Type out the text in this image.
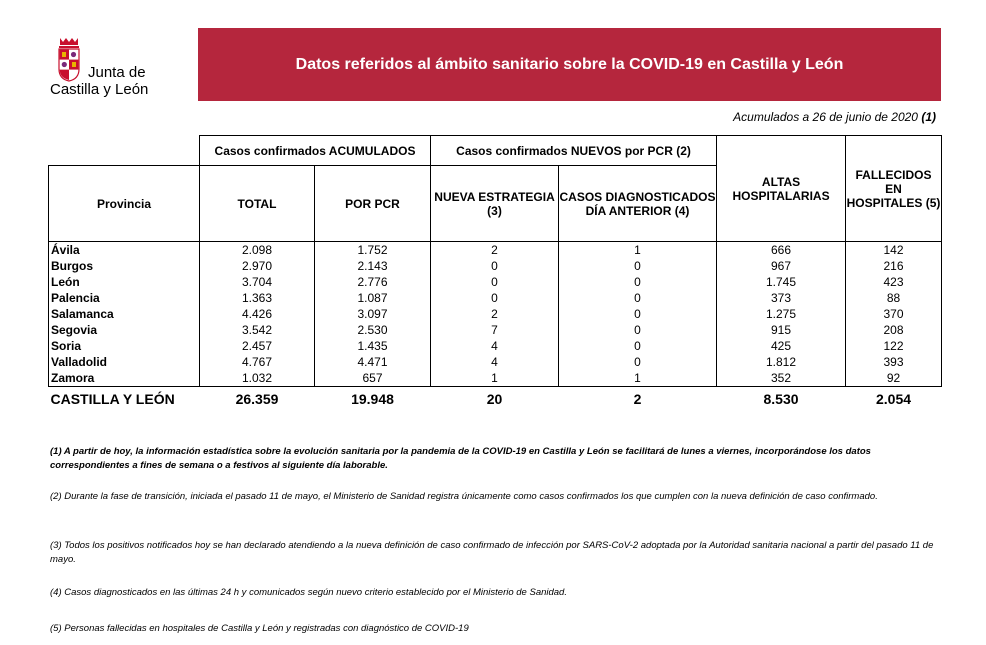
Junta de
Castilla y León
Datos referidos al ámbito sanitario sobre la COVID-19 en Castilla y León
Acumulados a 26 de junio de 2020 (1)
	Casos confirmados ACUMULADOS		Casos confirmados NUEVOS por PCR (2)		ALTAS HOSPITALARIAS	FALLECIDOS EN HOSPITALES (5)
Provincia	TOTAL	POR PCR	NUEVA ESTRATEGIA (3)	CASOS DIAGNOSTICADOS DÍA ANTERIOR (4)		
Ávila	2.098	1.752	2	1	666	142
Burgos	2.970	2.143	0	0	967	216
León	3.704	2.776	0	0	1.745	423
Palencia	1.363	1.087	0	0	373	88
Salamanca	4.426	3.097	2	0	1.275	370
Segovia	3.542	2.530	7	0	915	208
Soria	2.457	1.435	4	0	425	122
Valladolid	4.767	4.471	4	0	1.812	393
Zamora	1.032	657	1	1	352	92
CASTILLA Y LEÓN	26.359	19.948	20	2	8.530	2.054
(1) A partir de hoy, la información estadística sobre la evolución sanitaria por la pandemia de la COVID-19 en Castilla y León se facilitará de lunes a viernes, incorporándose los datos correspondientes a fines de semana o a festivos al siguiente día laborable.
(2) Durante la fase de transición, iniciada el pasado 11 de mayo, el Ministerio de Sanidad registra únicamente como casos confirmados los que cumplen con la nueva definición de caso confirmado.
(3) Todos los positivos notificados hoy se han declarado atendiendo a la nueva definición de caso confirmado de infección por SARS-CoV-2 adoptada por la Autoridad sanitaria nacional a partir del pasado 11 de mayo.
(4) Casos diagnosticados en las últimas 24 h y comunicados según nuevo criterio establecido por el Ministerio de Sanidad.
(5) Personas fallecidas en hospitales de Castilla y León y registradas con diagnóstico de COVID-19
